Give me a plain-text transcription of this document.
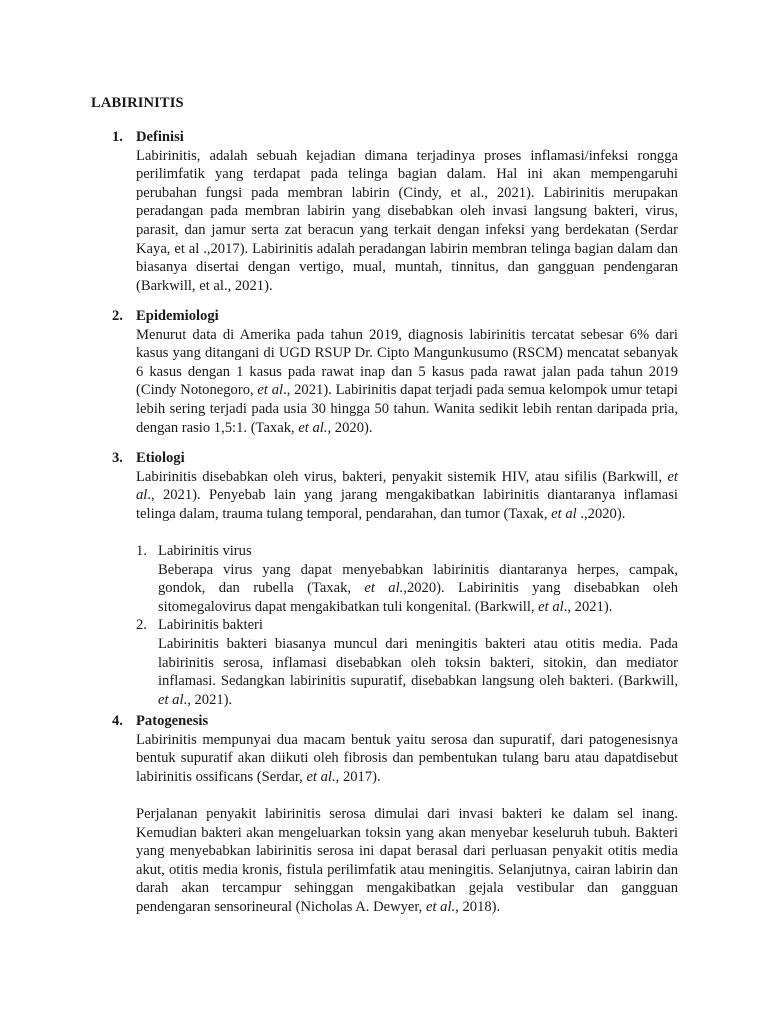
LABIRINITIS
1. Definisi

Labirinitis, adalah sebuah kejadian dimana terjadinya proses inflamasi/infeksi rongga perilimfatik yang terdapat pada telinga bagian dalam. Hal ini akan mempengaruhi perubahan fungsi pada membran labirin (Cindy, et al., 2021). Labirinitis merupakan peradangan pada membran labirin yang disebabkan oleh invasi langsung bakteri, virus, parasit, dan jamur serta zat beracun yang terkait dengan infeksi yang berdekatan (Serdar Kaya, et al .,2017). Labirinitis adalah peradangan labirin membran telinga bagian dalam dan biasanya disertai dengan vertigo, mual, muntah, tinnitus, dan gangguan pendengaran (Barkwill, et al., 2021).

2. Epidemiologi

Menurut data di Amerika pada tahun 2019, diagnosis labirinitis tercatat sebesar 6% dari kasus yang ditangani di UGD RSUP Dr. Cipto Mangunkusumo (RSCM) mencatat sebanyak 6 kasus dengan 1 kasus pada rawat inap dan 5 kasus pada rawat jalan pada tahun 2019 (Cindy Notonegoro, et al., 2021). Labirinitis dapat terjadi pada semua kelompok umur tetapi lebih sering terjadi pada usia 30 hingga 50 tahun. Wanita sedikit lebih rentan daripada pria, dengan rasio 1,5:1. (Taxak, et al., 2020).

3. Etiologi

Labirinitis disebabkan oleh virus, bakteri, penyakit sistemik HIV, atau sifilis (Barkwill, et al., 2021). Penyebab lain yang jarang mengakibatkan labirinitis diantaranya inflamasi telinga dalam, trauma tulang temporal, pendarahan, dan tumor (Taxak, et al .,2020).

1. Labirinitis virus

Beberapa virus yang dapat menyebabkan labirinitis diantaranya herpes, campak, gondok, dan rubella (Taxak, et al.,2020). Labirinitis yang disebabkan oleh sitomegalovirus dapat mengakibatkan tuli kongenital. (Barkwill, et al., 2021).

2. Labirinitis bakteri

Labirinitis bakteri biasanya muncul dari meningitis bakteri atau otitis media. Pada labirinitis serosa, inflamasi disebabkan oleh toksin bakteri, sitokin, dan mediator inflamasi. Sedangkan labirinitis supuratif, disebabkan langsung oleh bakteri. (Barkwill, et al., 2021).

4. Patogenesis

Labirinitis mempunyai dua macam bentuk yaitu serosa dan supuratif, dari patogenesisnya bentuk supuratif akan diikuti oleh fibrosis dan pembentukan tulang baru atau dapatdisebut labirinitis ossificans (Serdar, et al., 2017).

Perjalanan penyakit labirinitis serosa dimulai dari invasi bakteri ke dalam sel inang. Kemudian bakteri akan mengeluarkan toksin yang akan menyebar keseluruh tubuh. Bakteri yang menyebabkan labirinitis serosa ini dapat berasal dari perluasan penyakit otitis media akut, otitis media kronis, fistula perilimfatik atau meningitis. Selanjutnya, cairan labirin dan darah akan tercampur sehinggan mengakibatkan gejala vestibular dan gangguan pendengaran sensorineural (Nicholas A. Dewyer, et al., 2018).
